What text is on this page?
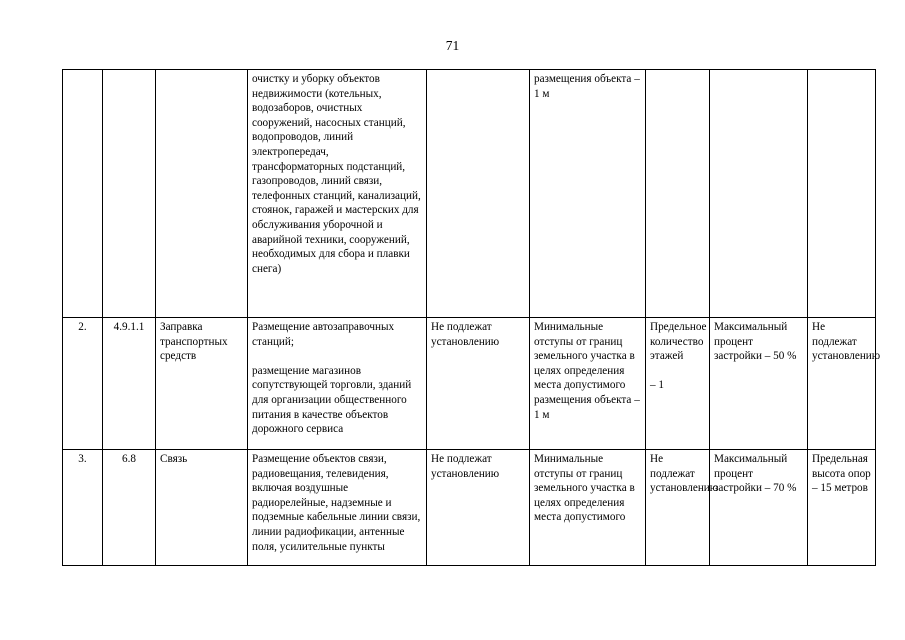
71

			очистку и уборку объектов недвижимости (котельных, водозаборов, очистных сооружений, насосных станций, водопроводов, линий электропередач, трансформаторных подстанций, газопроводов, линий связи, телефонных станций, канализаций, стоянок, гаражей и мастерских для обслуживания уборочной и аварийной техники, сооружений, необходимых для сбора и плавки снега)		размещения объекта – 1 м			
2.	4.9.1.1	Заправка транспортных средств	Размещение автозаправочных станций;
размещение магазинов сопутствующей торговли, зданий для организации общественного питания в качестве объектов дорожного сервиса	Не подлежат установлению	Минимальные отступы от границ земельного участка в целях определения места допустимого размещения объекта – 1 м	Предельное количество этажей
– 1	Максимальный процент застройки – 50 %	Не подлежат установлению
3.	6.8	Связь	Размещение объектов связи, радиовещания, телевидения, включая воздушные радиорелейные, надземные и подземные кабельные линии связи, линии радиофикации, антенные поля, усилительные пункты	Не подлежат установлению	Минимальные отступы от границ земельного участка в целях определения места допустимого	Не подлежат установлению	Максимальный процент застройки – 70 %	Предельная высота опор – 15 метров
